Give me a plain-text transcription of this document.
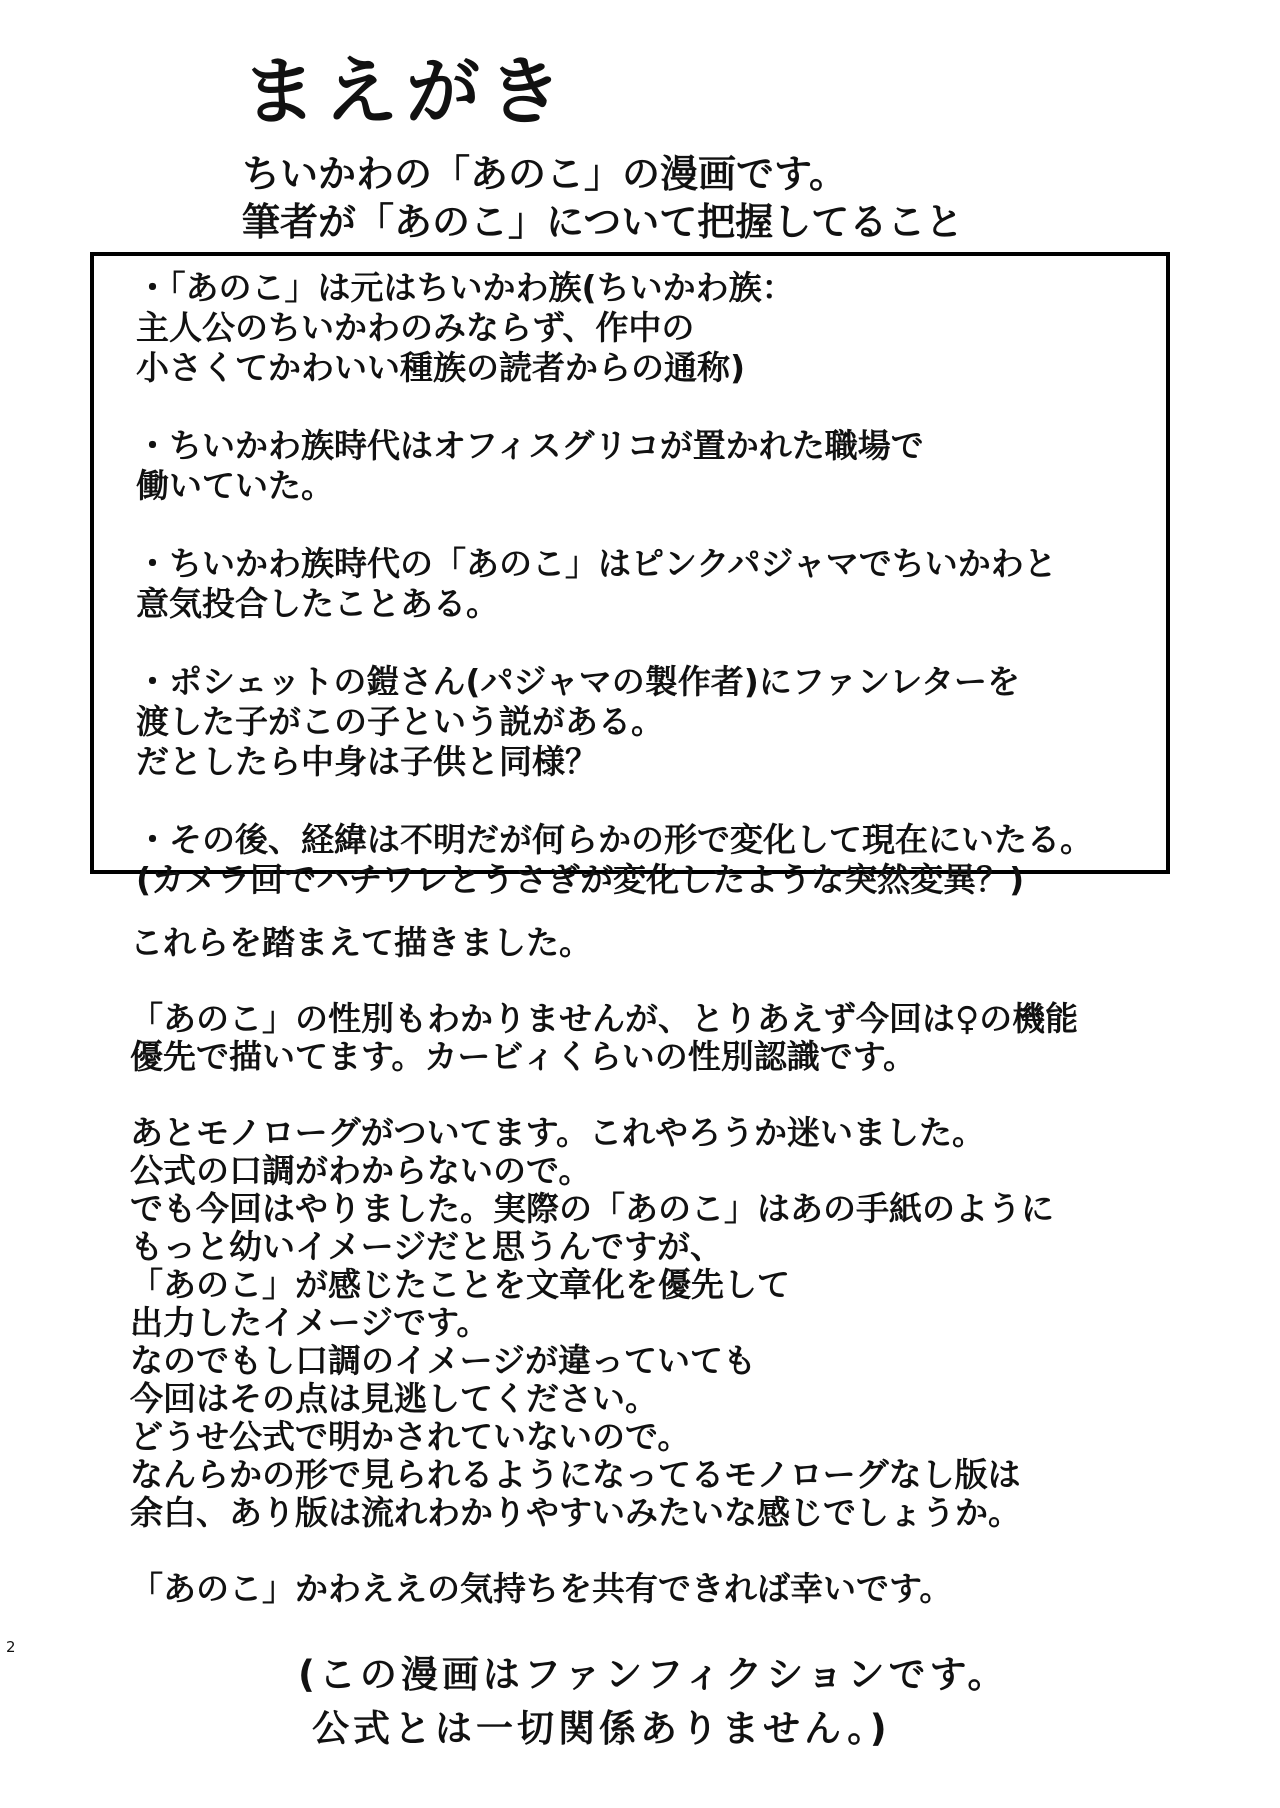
まえがき
ちいかわの「あのこ」の漫画です。
筆者が「あのこ」について把握してること
・「あのこ」は元はちいかわ族(ちいかわ族：
主人公のちいかわのみならず、作中の
小さくてかわいい種族の読者からの通称)
・ちいかわ族時代はオフィスグリコが置かれた職場で
働いていた。
・ちいかわ族時代の「あのこ」はピンクパジャマでちいかわと
意気投合したことある。
・ポシェットの鎧さん(パジャマの製作者)にファンレターを
渡した子がこの子という説がある。
だとしたら中身は子供と同様？
・その後、経緯は不明だが何らかの形で変化して現在にいたる。
(カメラ回でハチワレとうさぎが変化したような突然変異？)
これらを踏まえて描きました。
「あのこ」の性別もわかりませんが、とりあえず今回は♀の機能
優先で描いてます。カービィくらいの性別認識です。
あとモノローグがついてます。これやろうか迷いました。
公式の口調がわからないので。
でも今回はやりました。実際の「あのこ」はあの手紙のように
もっと幼いイメージだと思うんですが、
「あのこ」が感じたことを文章化を優先して
出力したイメージです。
なのでもし口調のイメージが違っていても
今回はその点は見逃してください。
どうせ公式で明かされていないので。
なんらかの形で見られるようになってるモノローグなし版は
余白、あり版は流れわかりやすいみたいな感じでしょうか。
「あのこ」かわええの気持ちを共有できれば幸いです。
2
(この漫画はファンフィクションです。
公式とは一切関係ありません。)
